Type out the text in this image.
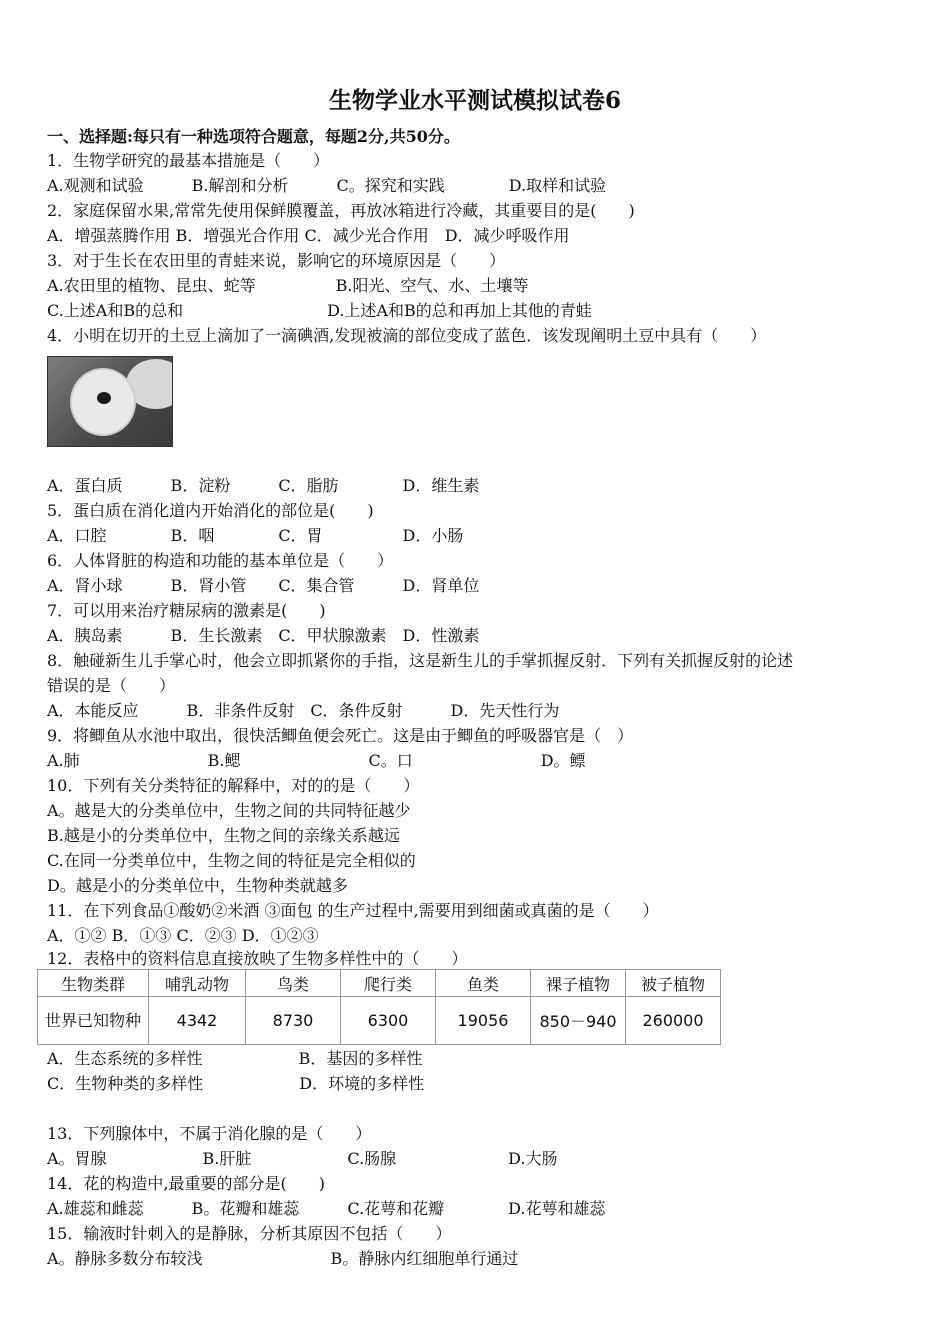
生物学业水平测试模拟试卷6
一、选择题:每只有一种选项符合题意，每题2分,共50分。
1．生物学研究的最基本措施是（　　）
A.观测和试验　　　B.解剖和分析　　　C。探究和实践　　　　D.取样和试验
2．家庭保留水果,常常先使用保鲜膜覆盖，再放冰箱进行冷藏，其重要目的是(　　)
A．增强蒸腾作用 B．增强光合作用 C．减少光合作用　D．减少呼吸作用
3．对于生长在农田里的青蛙来说，影响它的环境原因是（　　）
A.农田里的植物、昆虫、蛇等　　　　　B.阳光、空气、水、土壤等
C.上述A和B的总和　　　　　　　　　D.上述A和B的总和再加上其他的青蛙
4．小明在切开的土豆上滴加了一滴碘酒,发现被滴的部位变成了蓝色．该发现阐明土豆中具有（　　）
A．蛋白质　　　B．淀粉　　　C．脂肪　　　　D．维生素
5．蛋白质在消化道内开始消化的部位是(　　)
A．口腔　　　　B．咽　　　　C．胃　　　　　D．小肠
6．人体肾脏的构造和功能的基本单位是（　　）
A．肾小球　　　B．肾小管　　C．集合管　　　D．肾单位
7．可以用来治疗糖尿病的激素是(　　)
A．胰岛素　　　B．生长激素　C．甲状腺激素　D．性激素
8．触碰新生儿手掌心时，他会立即抓紧你的手指，这是新生儿的手掌抓握反射．下列有关抓握反射的论述
错误的是（　　）
A．本能反应　　　B．非条件反射　C．条件反射　　　D．先天性行为
9．将鲫鱼从水池中取出，很快活鲫鱼便会死亡。这是由于鲫鱼的呼吸器官是（　）
A.肺　　　　　　　　B.鳃　　　　　　　　C。口　　　　　　　　D。鳔
10．下列有关分类特征的解释中，对的的是（　　）
A。越是大的分类单位中，生物之间的共同特征越少
B.越是小的分类单位中，生物之间的亲缘关系越远
C.在同一分类单位中，生物之间的特征是完全相似的
D。越是小的分类单位中，生物种类就越多
11．在下列食品①酸奶②米酒 ③面包 的生产过程中,需要用到细菌或真菌的是（　　）
A．①② B．①③ C．②③ D．①②③
12．表格中的资料信息直接放映了生物多样性中的（　　）
生物类群	哺乳动物	鸟类	爬行类	鱼类	裸子植物	被子植物
世界已知物种	4342	8730	6300	19056	850－940	260000
A．生态系统的多样性　　　　　　B．基因的多样性
C．生物种类的多样性　　　　　　D．环境的多样性
13．下列腺体中，不属于消化腺的是（　　）
A。胃腺　　　　　　B.肝脏　　　　　　C.肠腺　　　　　　　D.大肠
14．花的构造中,最重要的部分是(　　)
A.雄蕊和雌蕊　　　B。花瓣和雄蕊　　　C.花萼和花瓣　　　　D.花萼和雄蕊
15．输液时针刺入的是静脉，分析其原因不包括（　　）
A。静脉多数分布较浅　　　　　　　　B。静脉内红细胞单行通过
